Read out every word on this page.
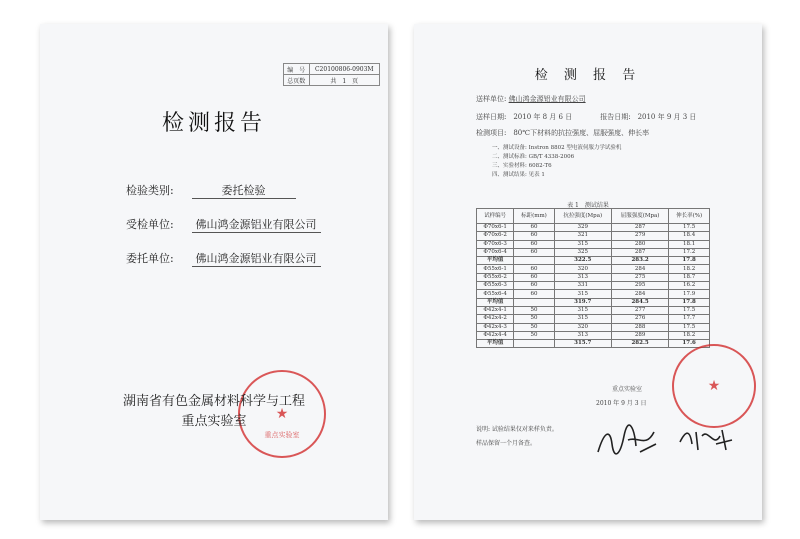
编　号	C20100806-0903M
总页数	共　1　页
检测报告
检验类别:	委托检验
受检单位: 佛山鸿金源铝业有限公司
委托单位: 佛山鸿金源铝业有限公司
★
重点实验室
湖南省有色金属材料科学与工程
重点实验室
检 测 报 告
送样单位: 佛山鸿金源铝业有限公司
送样日期:　2010 年 8 月 6 日　　　　报告日期:　2010 年 9 月 3 日
检测项目:　80℃下材料的抗拉强度、屈服强度、伸长率
一、测试设备: Instron 8802 型电液伺服力学试验机
二、测试标准: GB/T 4338-2006
三、实验材料: 6082-T6
四、测试结果: 见表 1
表 1　测试结果
试样编号	标距(mm)	抗拉强度(Mpa)	屈服强度(Mpa)	伸长率(%)
Φ70x6-1	60	329	287	17.5
Φ70x6-2	60	321	279	18.4
Φ70x6-3	60	315	280	18.1
Φ70x6-4	60	325	287	17.2
平均值		322.5	283.2	17.8
Φ55x6-1	60	320	284	18.2
Φ55x6-2	60	313	275	18.7
Φ55x6-3	60	331	295	16.2
Φ55x6-4	60	315	284	17.9
平均值		319.7	284.5	17.8
Φ42x4-1	50	315	277	17.5
Φ42x4-2	50	315	276	17.7
Φ42x4-3	50	320	288	17.5
Φ42x4-4	50	313	289	18.2
平均值		315.7	282.5	17.6
★
重点实验室
2010 年 9 月 3 日
说明: 试验结果仅对来样负责。
样品保留一个月备查。
